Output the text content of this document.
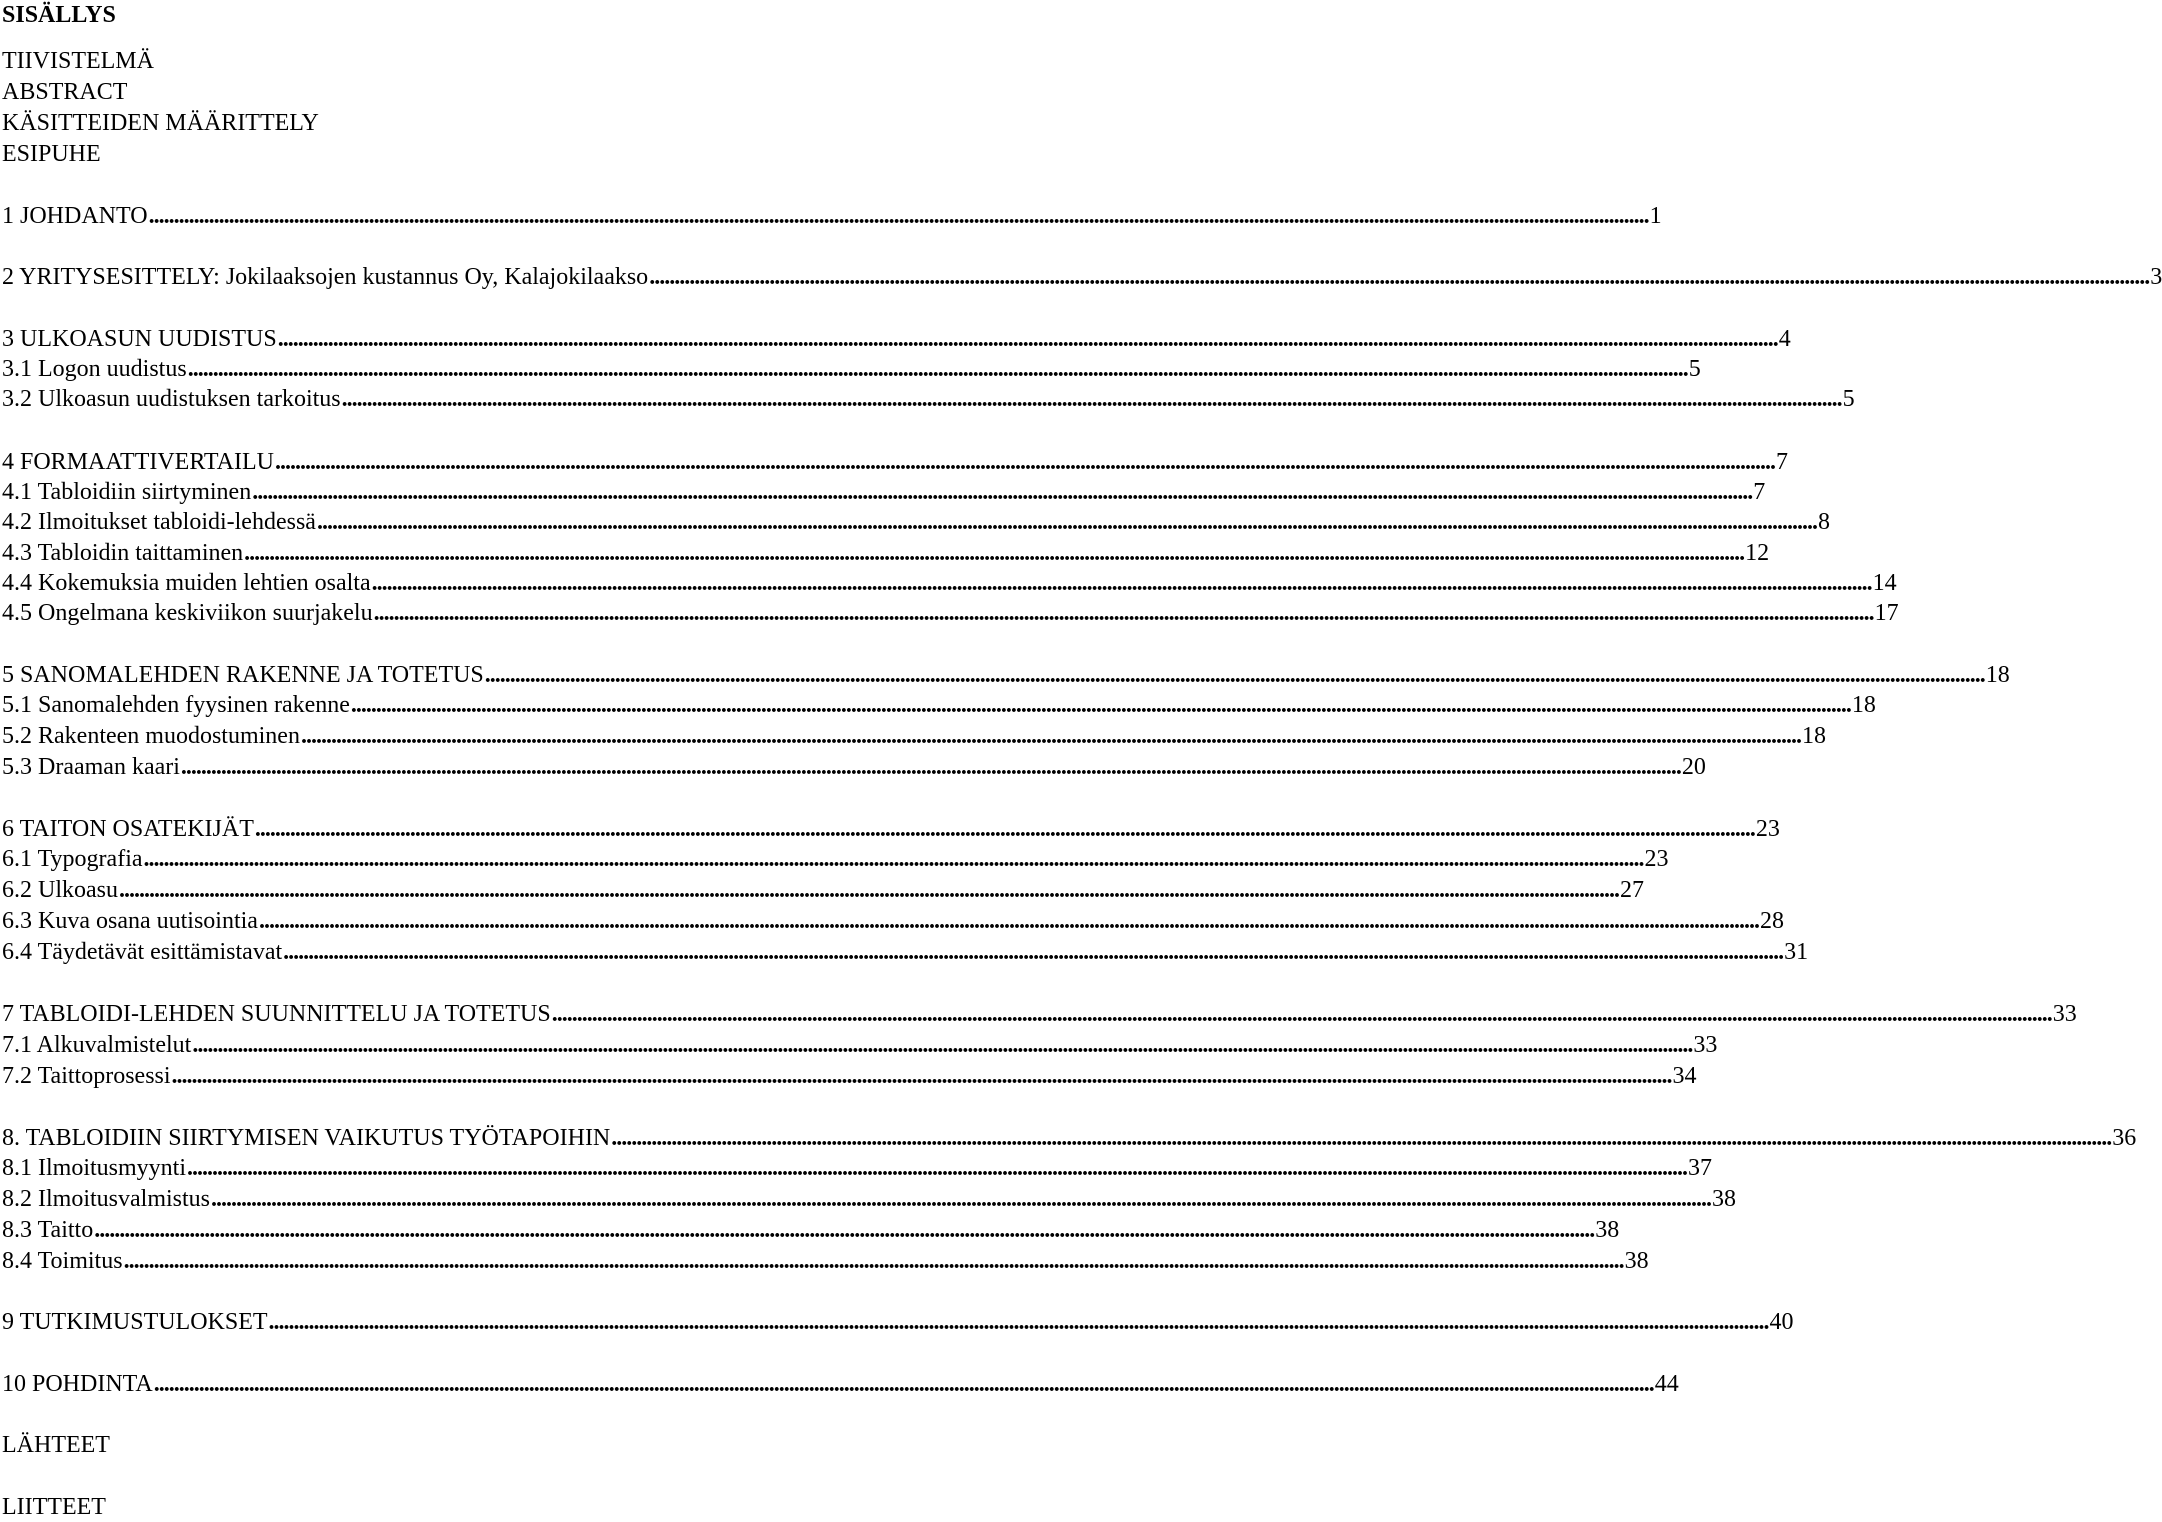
SISÄLLYS
TIIVISTELMÄ
ABSTRACT
KÄSITTEIDEN MÄÄRITTELY
ESIPUHE
1 JOHDANTO ............................................................................................................................................................................................................................................................................................................ 1
2 YRITYSESITTELY: Jokilaaksojen kustannus Oy, Kalajokilaakso ............................................................................................................................................................................................................................................................................................................ 3
3 ULKOASUN UUDISTUS ............................................................................................................................................................................................................................................................................................................ 4
3.1 Logon uudistus ............................................................................................................................................................................................................................................................................................................ 5
3.2 Ulkoasun uudistuksen tarkoitus ............................................................................................................................................................................................................................................................................................................ 5
4 FORMAATTIVERTAILU ............................................................................................................................................................................................................................................................................................................ 7
4.1 Tabloidiin siirtyminen ............................................................................................................................................................................................................................................................................................................ 7
4.2 Ilmoitukset tabloidi-lehdessä ............................................................................................................................................................................................................................................................................................................ 8
4.3 Tabloidin taittaminen ............................................................................................................................................................................................................................................................................................................ 12
4.4 Kokemuksia muiden lehtien osalta ............................................................................................................................................................................................................................................................................................................ 14
4.5 Ongelmana keskiviikon suurjakelu ............................................................................................................................................................................................................................................................................................................ 17
5 SANOMALEHDEN RAKENNE JA TOTETUS ............................................................................................................................................................................................................................................................................................................ 18
5.1 Sanomalehden fyysinen rakenne ............................................................................................................................................................................................................................................................................................................ 18
5.2 Rakenteen muodostuminen ............................................................................................................................................................................................................................................................................................................ 18
5.3 Draaman kaari ............................................................................................................................................................................................................................................................................................................ 20
6 TAITON OSATEKIJÄT ............................................................................................................................................................................................................................................................................................................ 23
6.1 Typografia ............................................................................................................................................................................................................................................................................................................ 23
6.2 Ulkoasu ............................................................................................................................................................................................................................................................................................................ 27
6.3 Kuva osana uutisointia ............................................................................................................................................................................................................................................................................................................ 28
6.4 Täydetävät esittämistavat ............................................................................................................................................................................................................................................................................................................ 31
7 TABLOIDI-LEHDEN SUUNNITTELU JA TOTETUS ............................................................................................................................................................................................................................................................................................................ 33
7.1 Alkuvalmistelut ............................................................................................................................................................................................................................................................................................................ 33
7.2 Taittoprosessi ............................................................................................................................................................................................................................................................................................................ 34
8. TABLOIDIIN SIIRTYMISEN VAIKUTUS TYÖTAPOIHIN ............................................................................................................................................................................................................................................................................................................ 36
8.1 Ilmoitusmyynti ............................................................................................................................................................................................................................................................................................................ 37
8.2 Ilmoitusvalmistus ............................................................................................................................................................................................................................................................................................................ 38
8.3 Taitto ............................................................................................................................................................................................................................................................................................................ 38
8.4 Toimitus ............................................................................................................................................................................................................................................................................................................ 38
9 TUTKIMUSTULOKSET ............................................................................................................................................................................................................................................................................................................ 40
10 POHDINTA ............................................................................................................................................................................................................................................................................................................ 44
LÄHTEET
LIITTEET
